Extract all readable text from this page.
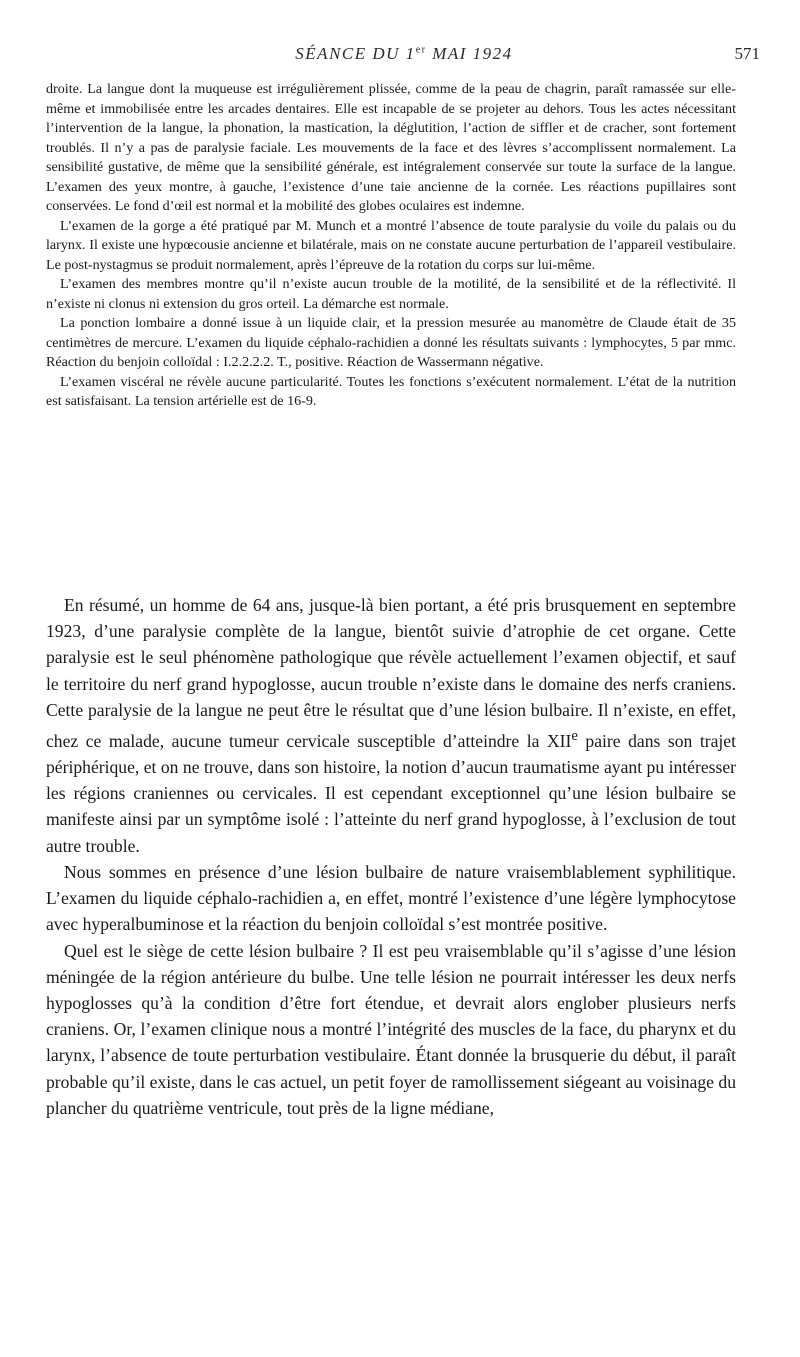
SÉANCE DU 1er MAI 1924	571

droite. La langue dont la muqueuse est irrégulièrement plissée, comme de la peau de chagrin, paraît ramassée sur elle-même et immobilisée entre les arcades dentaires. Elle est incapable de se projeter au dehors. Tous les actes nécessitant l’intervention de la langue, la phonation, la mastication, la déglutition, l’action de siffler et de cracher, sont fortement troublés. Il n’y a pas de paralysie faciale. Les mouvements de la face et des lèvres s’accomplissent normalement. La sensibilité gustative, de même que la sensibilité générale, est intégralement conservée sur toute la surface de la langue. L’examen des yeux montre, à gauche, l’existence d’une taie ancienne de la cornée. Les réactions pupillaires sont conservées. Le fond d’œil est normal et la mobilité des globes oculaires est indemne.

L’examen de la gorge a été pratiqué par M. Munch et a montré l’absence de toute paralysie du voile du palais ou du larynx. Il existe une hypœcousie ancienne et bilatérale, mais on ne constate aucune perturbation de l’appareil vestibulaire. Le post-nystagmus se produit normalement, après l’épreuve de la rotation du corps sur lui-même.

L’examen des membres montre qu’il n’existe aucun trouble de la motilité, de la sensibilité et de la réflectivité. Il n’existe ni clonus ni extension du gros orteil. La démarche est normale.

La ponction lombaire a donné issue à un liquide clair, et la pression mesurée au manomètre de Claude était de 35 centimètres de mercure. L’examen du liquide céphalo-rachidien a donné les résultats suivants : lymphocytes, 5 par mmc. Réaction du benjoin colloïdal : I.2.2.2.2. T., positive. Réaction de Wassermann négative.

L’examen viscéral ne révèle aucune particularité. Toutes les fonctions s’exécutent normalement. L’état de la nutrition est satisfaisant. La tension artérielle est de 16-9.

En résumé, un homme de 64 ans, jusque-là bien portant, a été pris brusquement en septembre 1923, d’une paralysie complète de la langue, bientôt suivie d’atrophie de cet organe. Cette paralysie est le seul phénomène pathologique que révèle actuellement l’examen objectif, et sauf le territoire du nerf grand hypoglosse, aucun trouble n’existe dans le domaine des nerfs craniens. Cette paralysie de la langue ne peut être le résultat que d’une lésion bulbaire. Il n’existe, en effet, chez ce malade, aucune tumeur cervicale susceptible d’atteindre la XIIe paire dans son trajet périphérique, et on ne trouve, dans son histoire, la notion d’aucun traumatisme ayant pu intéresser les régions craniennes ou cervicales. Il est cependant exceptionnel qu’une lésion bulbaire se manifeste ainsi par un symptôme isolé : l’atteinte du nerf grand hypoglosse, à l’exclusion de tout autre trouble.

Nous sommes en présence d’une lésion bulbaire de nature vraisemblablement syphilitique. L’examen du liquide céphalo-rachidien a, en effet, montré l’existence d’une légère lymphocytose avec hyperalbuminose et la réaction du benjoin colloïdal s’est montrée positive.

Quel est le siège de cette lésion bulbaire ? Il est peu vraisemblable qu’il s’agisse d’une lésion méningée de la région antérieure du bulbe. Une telle lésion ne pourrait intéresser les deux nerfs hypoglosses qu’à la condition d’être fort étendue, et devrait alors englober plusieurs nerfs craniens. Or, l’examen clinique nous a montré l’intégrité des muscles de la face, du pharynx et du larynx, l’absence de toute perturbation vestibulaire. Étant donnée la brusquerie du début, il paraît probable qu’il existe, dans le cas actuel, un petit foyer de ramollissement siégeant au voisinage du plancher du quatrième ventricule, tout près de la ligne médiane,
